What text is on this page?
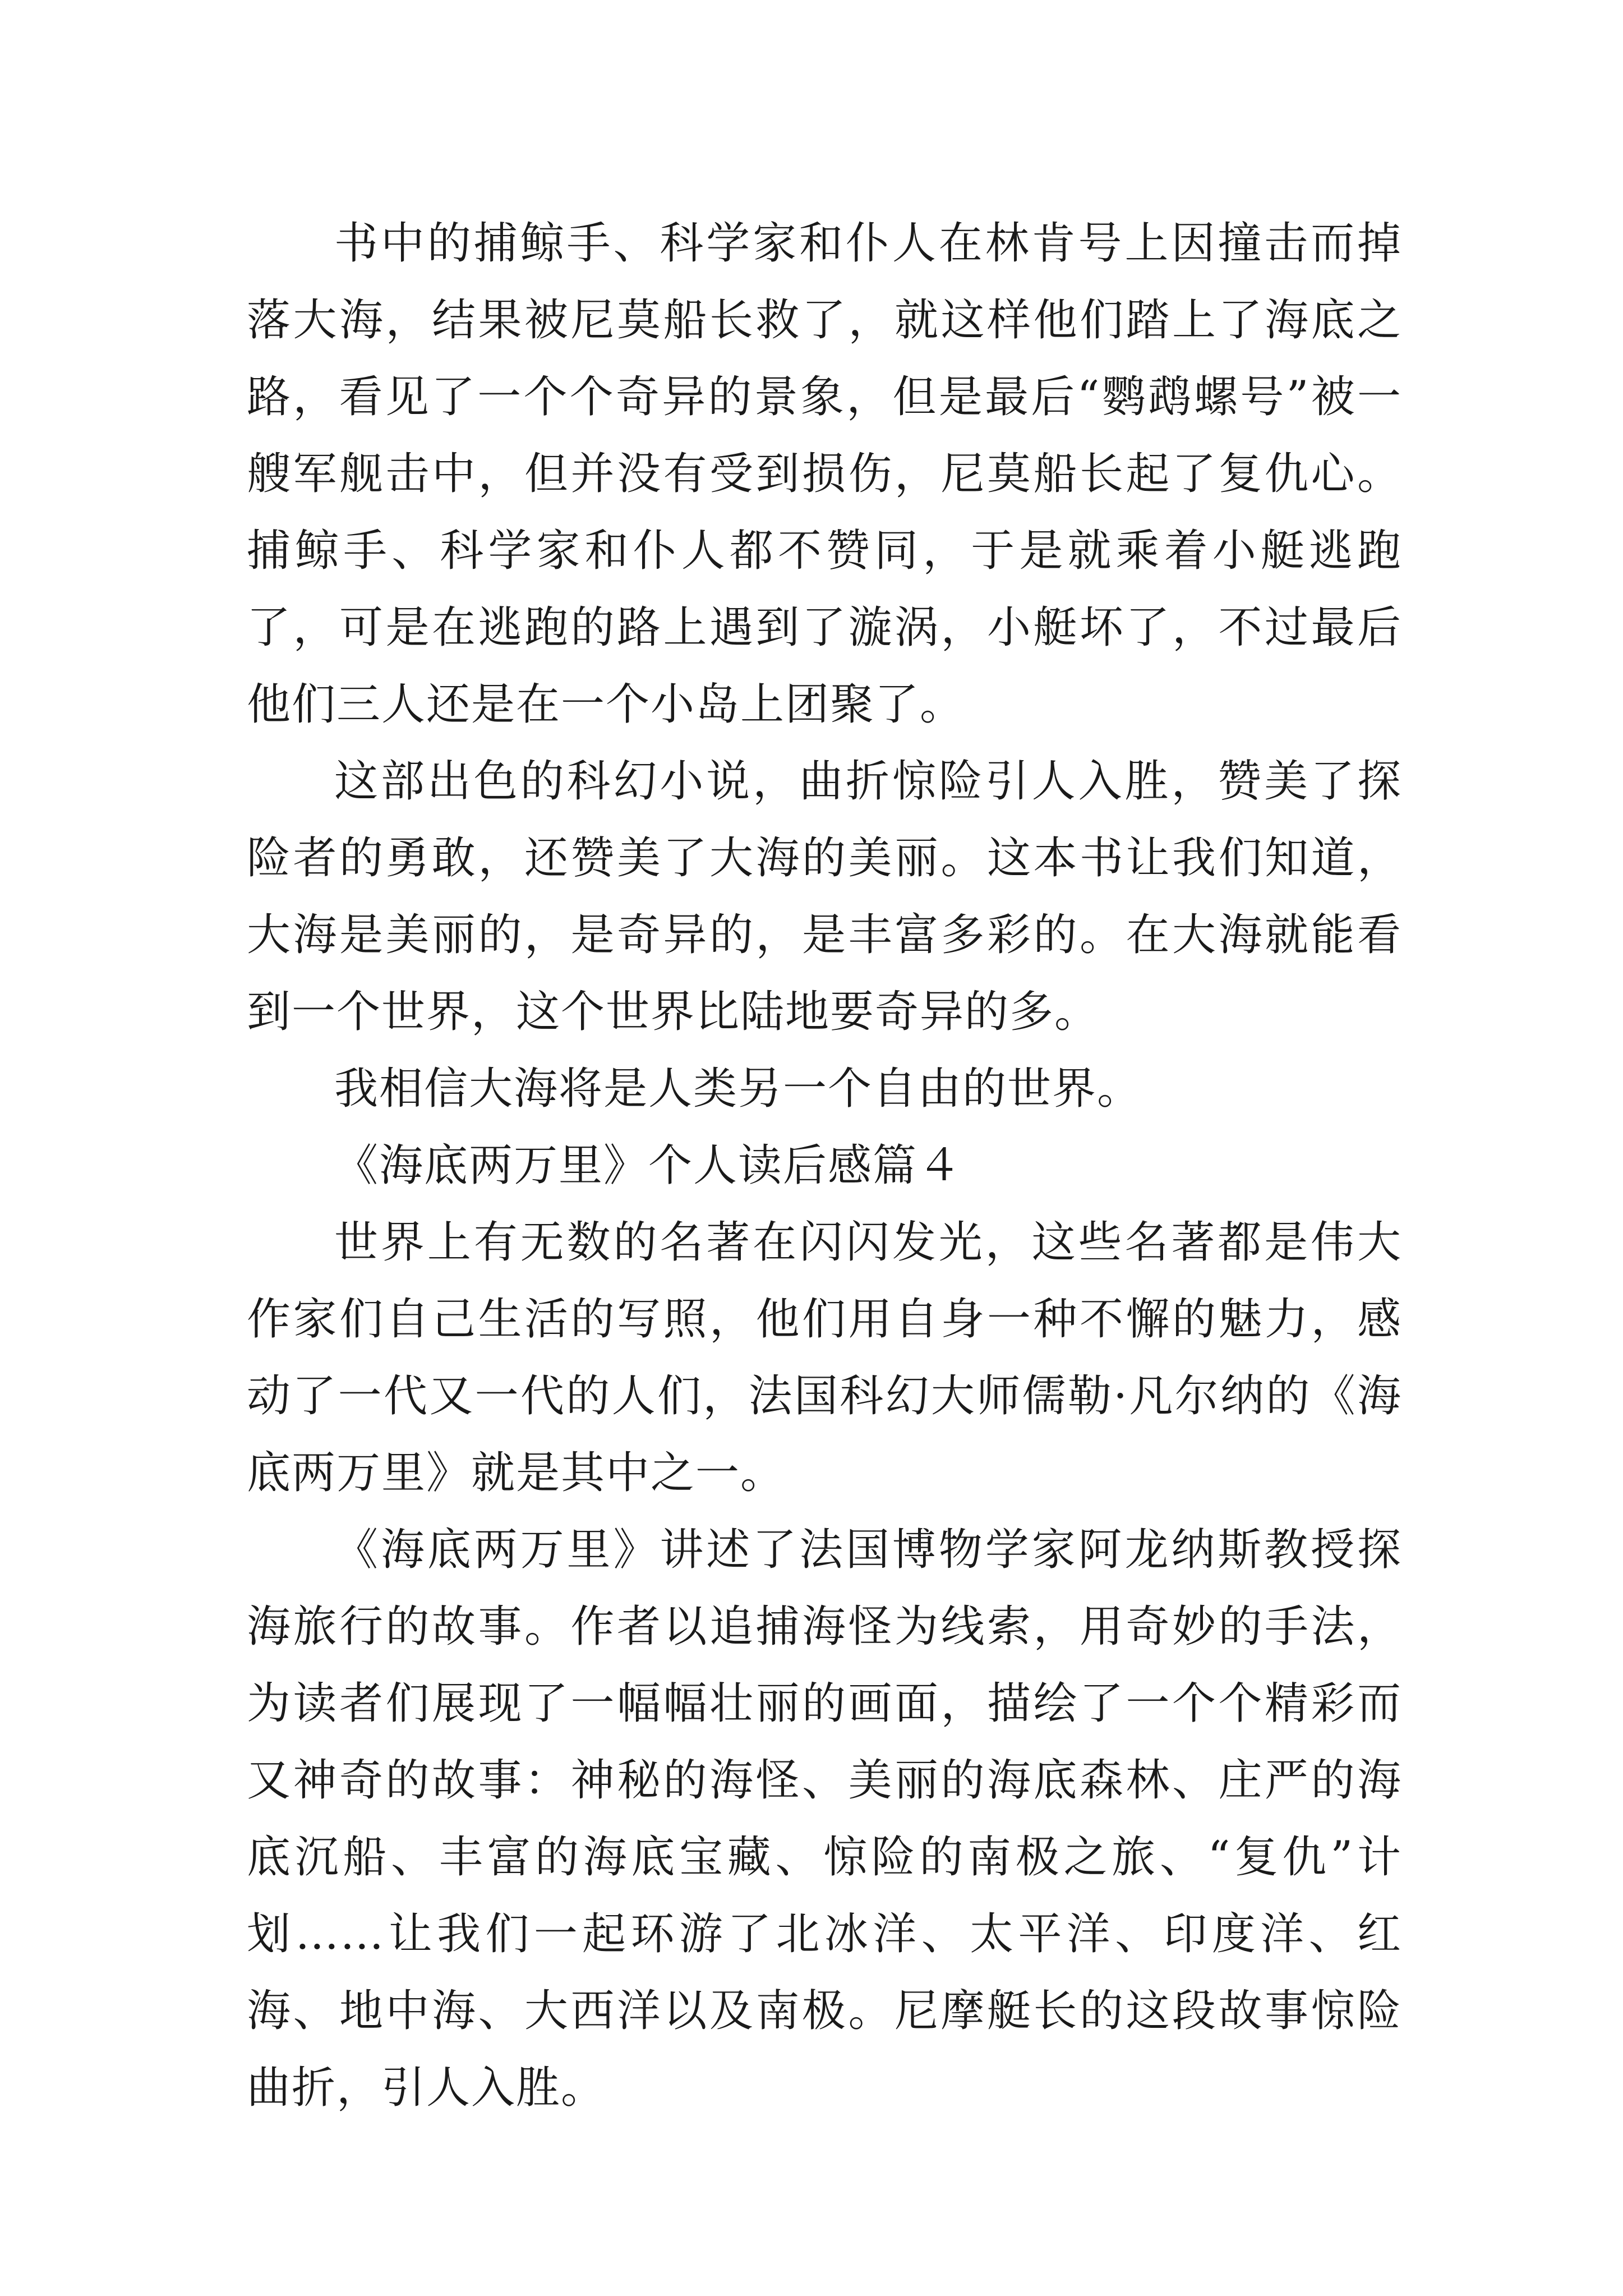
书中的捕鲸手、科学家和仆人在林肯号上因撞击而掉落大海，结果被尼莫船长救了，就这样他们踏上了海底之路，看见了一个个奇异的景象，但是最后“鹦鹉螺号”被一艘军舰击中，但并没有受到损伤，尼莫船长起了复仇心。捕鲸手、科学家和仆人都不赞同，于是就乘着小艇逃跑了，可是在逃跑的路上遇到了漩涡，小艇坏了，不过最后他们三人还是在一个小岛上团聚了。

这部出色的科幻小说，曲折惊险引人入胜，赞美了探险者的勇敢，还赞美了大海的美丽。这本书让我们知道，大海是美丽的，是奇异的，是丰富多彩的。在大海就能看到一个世界，这个世界比陆地要奇异的多。

我相信大海将是人类另一个自由的世界。

《海底两万里》个人读后感篇４

世界上有无数的名著在闪闪发光，这些名著都是伟大作家们自己生活的写照，他们用自身一种不懈的魅力，感动了一代又一代的人们，法国科幻大师儒勒·凡尔纳的《海底两万里》就是其中之一。

《海底两万里》讲述了法国博物学家阿龙纳斯教授探海旅行的故事。作者以追捕海怪为线索，用奇妙的手法，为读者们展现了一幅幅壮丽的画面，描绘了一个个精彩而又神奇的故事：神秘的海怪、美丽的海底森林、庄严的海底沉船、丰富的海底宝藏、惊险的南极之旅、“复仇”计划……让我们一起环游了北冰洋、太平洋、印度洋、红海、地中海、大西洋以及南极。尼摩艇长的这段故事惊险曲折，引人入胜。
